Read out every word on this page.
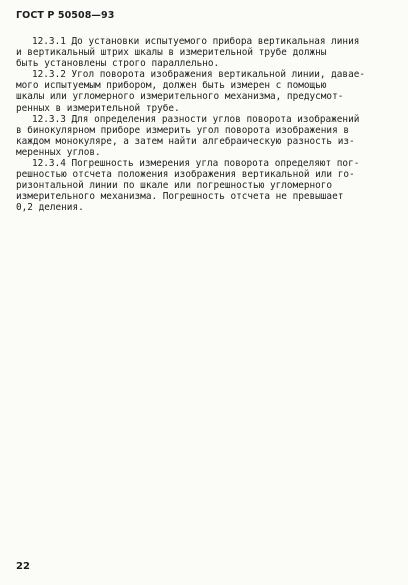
ГОСТ Р 50508—93
12.3.1 До установки испытуемого прибора вертикальная линия
и вертикальный штрих шкалы в измерительной трубе должны
быть установлены строго параллельно.
12.3.2 Угол поворота изображения вертикальной линии, давае-
мого испытуемым прибором, должен быть измерен с помощью
шкалы или угломерного измерительного механизма, предусмот-
ренных в измерительной трубе.
12.3.3 Для определения разности углов поворота изображений
в бинокулярном приборе измерить угол поворота изображения в
каждом монокуляре, а затем найти алгебраическую разность из-
меренных углов.
12.3.4 Погрешность измерения угла поворота определяют пог-
решностью отсчета положения изображения вертикальной или го-
ризонтальной линии по шкале или погрешностью угломерного
измерительного механизма. Погрешность отсчета не превышает
0,2 деления.
22
